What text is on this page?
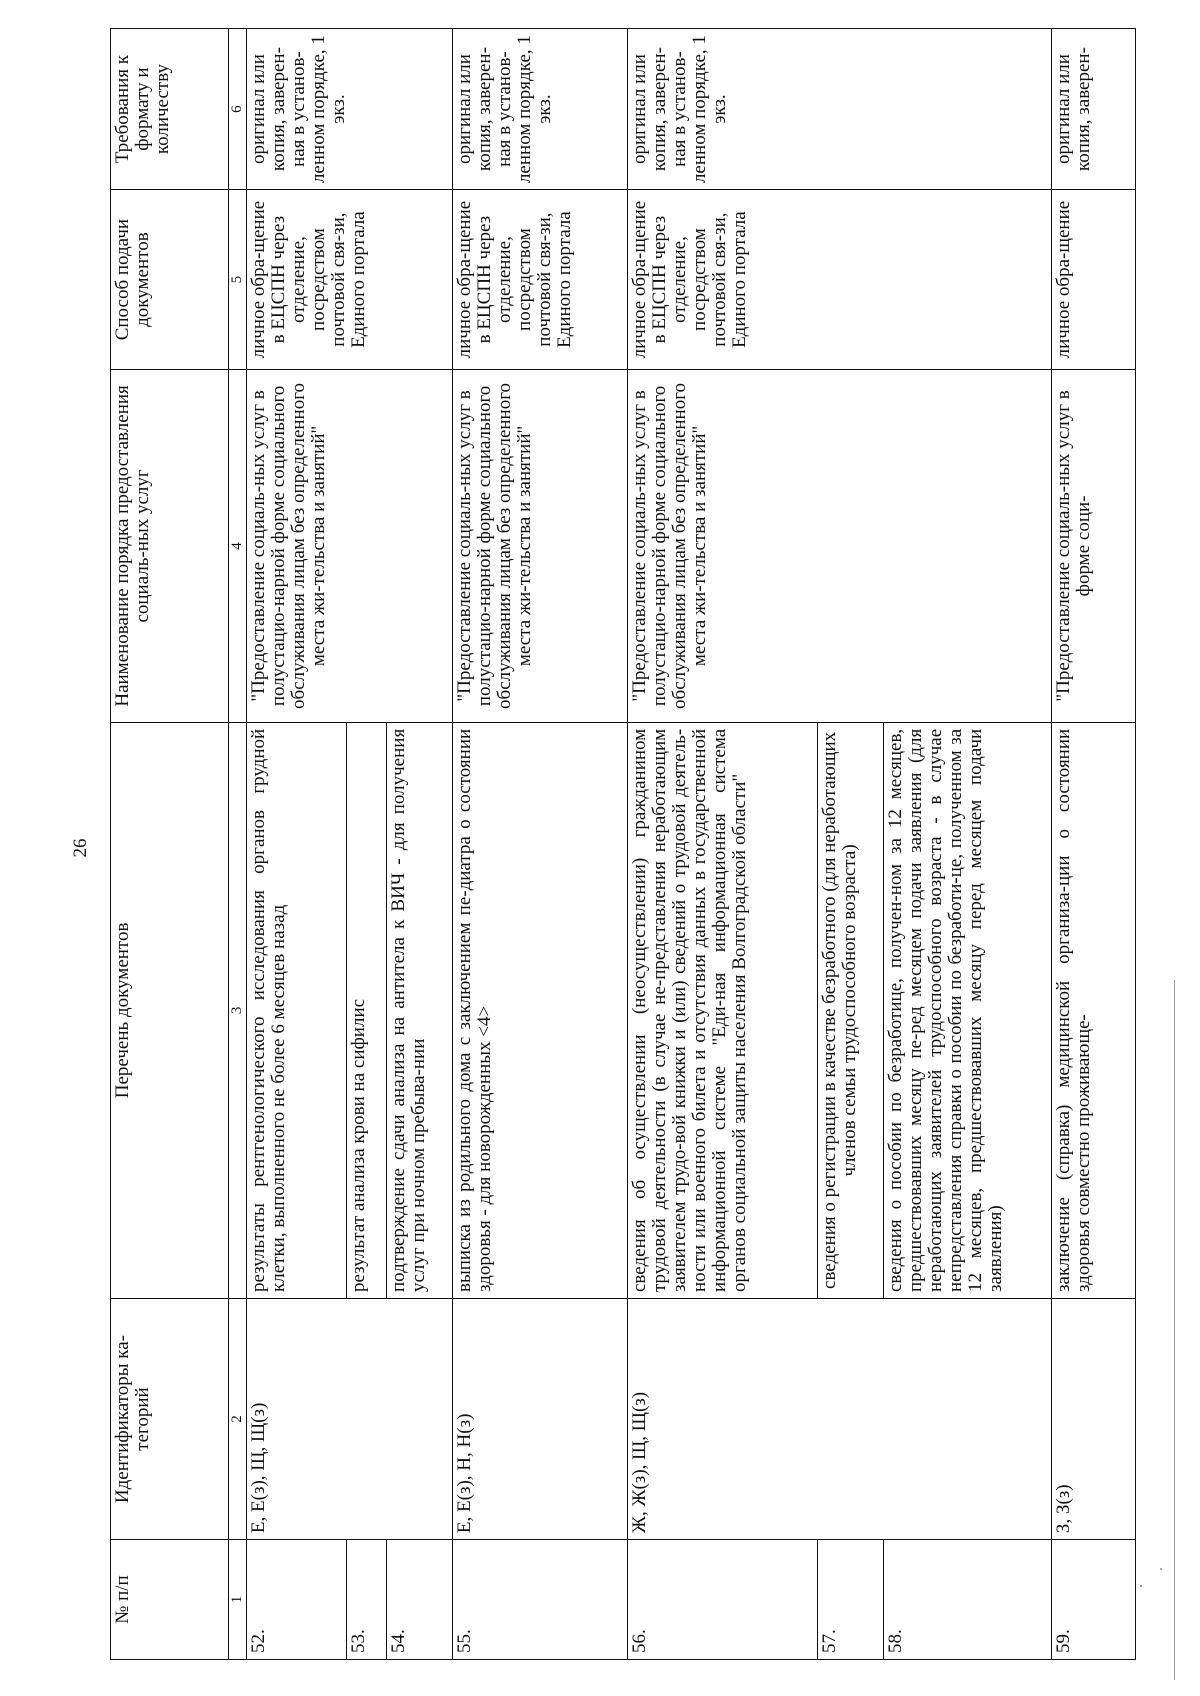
26
№ п/п	Идентификаторы ка-тегорий	Перечень документов	Наименование порядка предоставления социаль-ных услуг	Способ подачи документов	Требования к формату и количеству
1	2	3	4	5	6
52.	Е, Е(з), Щ, Щ(з)	результаты рентгенологического исследования органов грудной клетки, выполненного не более 6 месяцев назад	"Предоставление социаль-ных услуг в полустацио-нарной форме социального обслуживания лицам без определенного места жи-тельства и занятий"	личное обра-щение в ЕЦСПН через отделение, посредством почтовой свя-зи, Единого портала	оригинал или копия, заверен-ная в установ-ленном порядке, 1 экз.
53.		результат анализа крови на сифилис			
54.		подтверждение сдачи анализа на антитела к ВИЧ - для получения услуг при ночном пребыва-нии			
55.	Е, Е(з), Н, Н(з)	выписка из родильного дома с заключением пе-диатра о состоянии здоровья - для новорожденных <4>	"Предоставление социаль-ных услуг в полустацио-нарной форме социального обслуживания лицам без определенного места жи-тельства и занятий"	личное обра-щение в ЕЦСПН через отделение, посредством почтовой свя-зи, Единого портала	оригинал или копия, заверен-ная в установ-ленном порядке, 1 экз.
56.	Ж, Ж(з), Щ, Щ(з)	сведения об осуществлении (неосуществлении) гражданином трудовой деятельности (в случае не-представления неработающим заявителем трудо-вой книжки и (или) сведений о трудовой деятель-ности или военного билета и отсутствия данных в государственной информационной системе "Еди-ная информационная система органов социальной защиты населения Волгоградской области"	"Предоставление социаль-ных услуг в полустацио-нарной форме социального обслуживания лицам без определенного места жи-тельства и занятий"	личное обра-щение в ЕЦСПН через отделение, посредством почтовой свя-зи, Единого портала	оригинал или копия, заверен-ная в установ-ленном порядке, 1 экз.
57.		сведения о регистрации в качестве безработного (для неработающих членов семьи трудоспособного возраста)			
58.		сведения о пособии по безработице, получен-ном за 12 месяцев, предшествовавших месяцу пе-ред месяцем подачи заявления (для неработающих заявителей трудоспособного возраста - в случае непредставления справки о пособии по безработи-це, полученном за 12 месяцев, предшествовавших месяцу перед месяцем подачи заявления)			
59.	З, З(з)	заключение (справка) медицинской организа-ции о состоянии здоровья совместно проживающе-	"Предоставление социаль-ных услуг в форме соци-	личное обра-щение	оригинал или копия, заверен-
